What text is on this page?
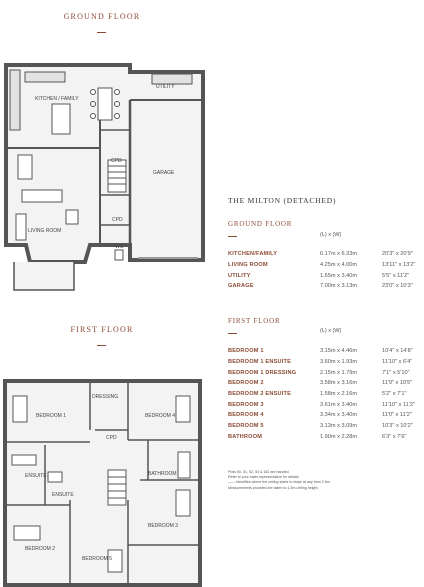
GROUND FLOOR
FIRST FLOOR
KITCHEN / FAMILY
UTILITY
GARAGE
CPD
CPD
WC
LIVING ROOM
BEDROOM 1
DRESSING
BEDROOM 4
CPD
ENSUITE
ENSUITE
BATHROOM
BEDROOM 3
BEDROOM 2
BEDROOM 5
THE MILTON (DETACHED)
GROUND FLOOR
(L) x (W)
KITCHEN/FAMILY	6.17m x 6.33m	20'3" x 20'9"
LIVING ROOM	4.25m x 4.00m	13'11" x 13'2"
UTILITY	1.65m x 3.40m	5'5" x 11'2"
GARAGE	7.00m x 3.13m	23'0" x 10'3"
FIRST FLOOR
(L) x (W)
BEDROOM 1	3.15m x 4.46m	10'4" x 14'8"
BEDROOM 1 ENSUITE	3.60m x 1.93m	11'10" x 6'4"
BEDROOM 1 DRESSING	2.15m x 1.79m	7'1" x 5'10"
BEDROOM 2	3.58m x 3.16m	11'9" x 10'5"
BEDROOM 2 ENSUITE	1.58m x 2.16m	5'2" x 7'1"
BEDROOM 3	3.61m x 3.40m	11'10" x 11'2"
BEDROOM 4	3.34m x 3.40m	11'0" x 11'2"
BEDROOM 5	3.13m x 3.09m	10'3" x 10'2"
BATHROOM	1.90m x 2.28m	6'3" x 7'6"
Plots 50, 51, 52, 53 & 182 are handed.
Refer to your sales representative for details.
—— Identifies where the ceiling starts to slope at any from 2.6m
Measurements provided are taken to 1.5m ceiling height.
